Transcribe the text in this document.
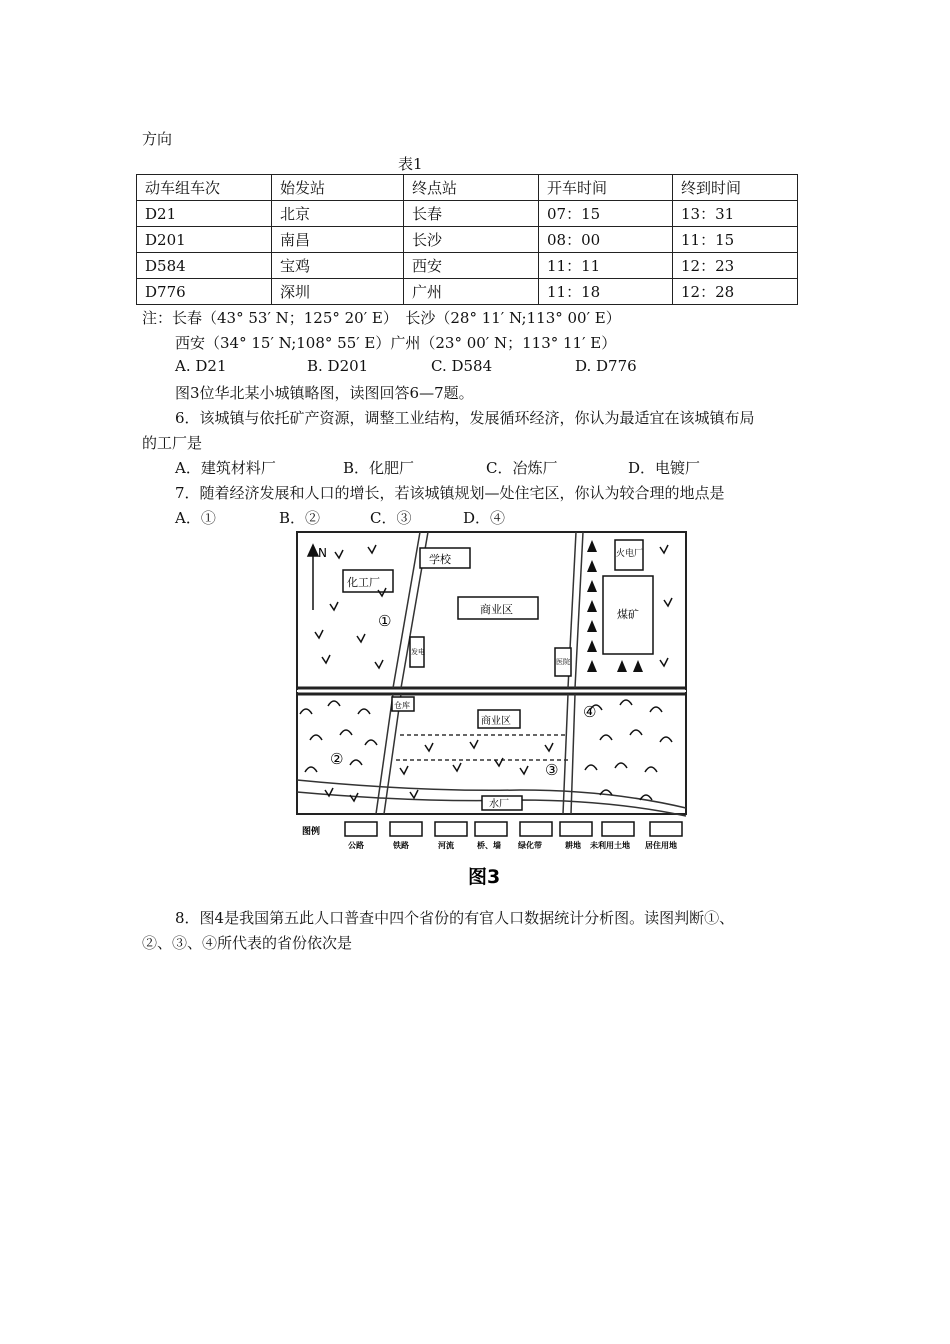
方向
表1
动车组车次	始发站	终点站	开车时间	终到时间
D21	北京	长春	07：15	13：31
D201	南昌	长沙	08：00	11：15
D584	宝鸡	西安	11：11	12：23
D776	深圳	广州	11：18	12：28
注：长春（43° 53′ N；125° 20′ E）　长沙（28° 11′ N;113° 00′ E）
西安（34° 15′ N;108° 55′ E）广州（23° 00′ N；113° 11′ E）
A. D21	B. D201	C. D584	D. D776
图3位华北某小城镇略图，读图回答6—7题。
6．该城镇与依托矿产资源，调整工业结构，发展循环经济，你认为最适宜在该城镇布局
的工厂是
A．建筑材料厂	B．化肥厂	C．冶炼厂	D．电镀厂
7．随着经济发展和人口的增长，若该城镇规划—处住宅区，你认为较合理的地点是
A．①	B．②	C．③	D．④
N
化工厂
学校
商业区
火电厂
煤矿
商业区
水厂
仓库
发电
医院
①
②
③
④
图例
公路	铁路	河流	桥、墙 绿化带	耕地 未利用土地 居住用地
图3
8．图4是我国第五此人口普查中四个省份的有官人口数据统计分析图。读图判断①、
②、③、④所代表的省份依次是
